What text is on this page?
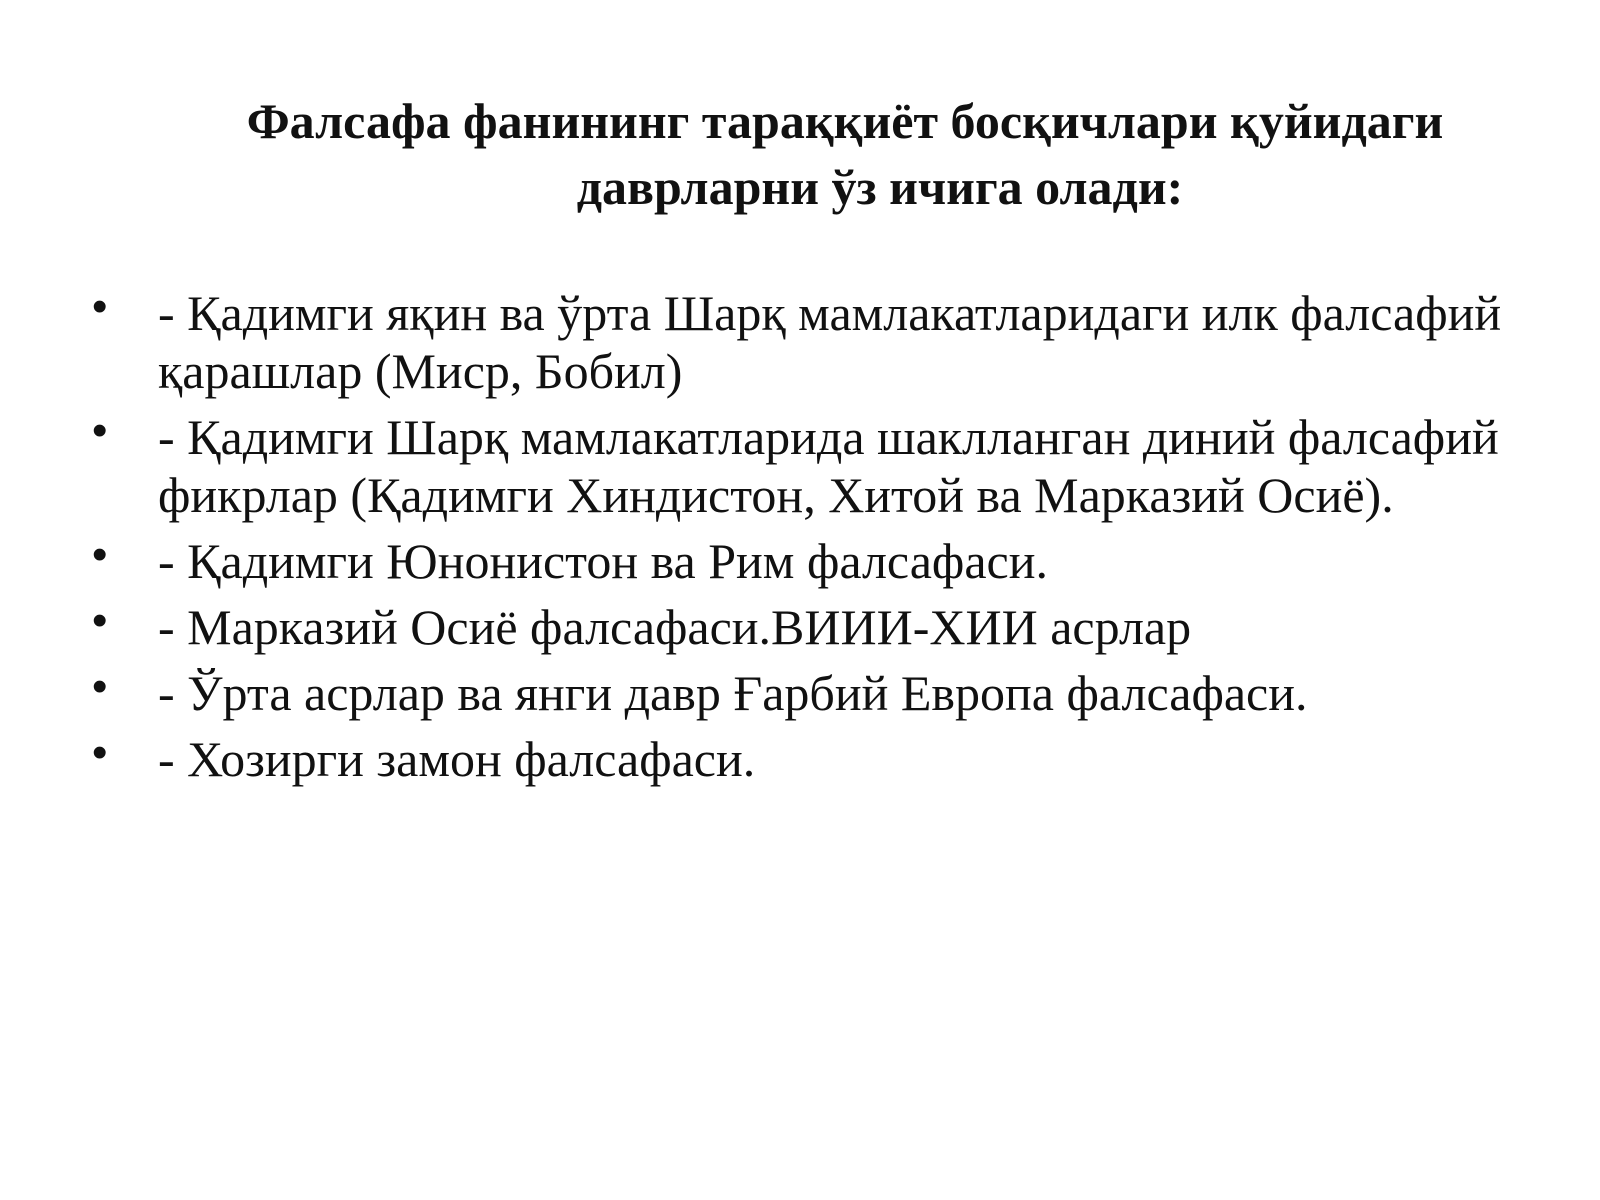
Фалсафа фанининг тараққиёт босқичлари қуйидаги
даврларни ўз ичига олади:
• - Қадимги яқин ва ўрта Шарқ мамлакатларидаги илк фалсафий қарашлар (Миср, Бобил)
• - Қадимги Шарқ мамлакатларида шаклланган диний фалсафий фикрлар (Қадимги Хиндистон, Хитой ва Марказий Осиё).
• - Қадимги Юнонистон ва Рим фалсафаси.
• - Марказий Осиё фалсафаси.ВИИИ-ХИИ асрлар
• - Ўрта асрлар ва янги давр Ғарбий Европа фалсафаси.
• - Хозирги замон фалсафаси.
